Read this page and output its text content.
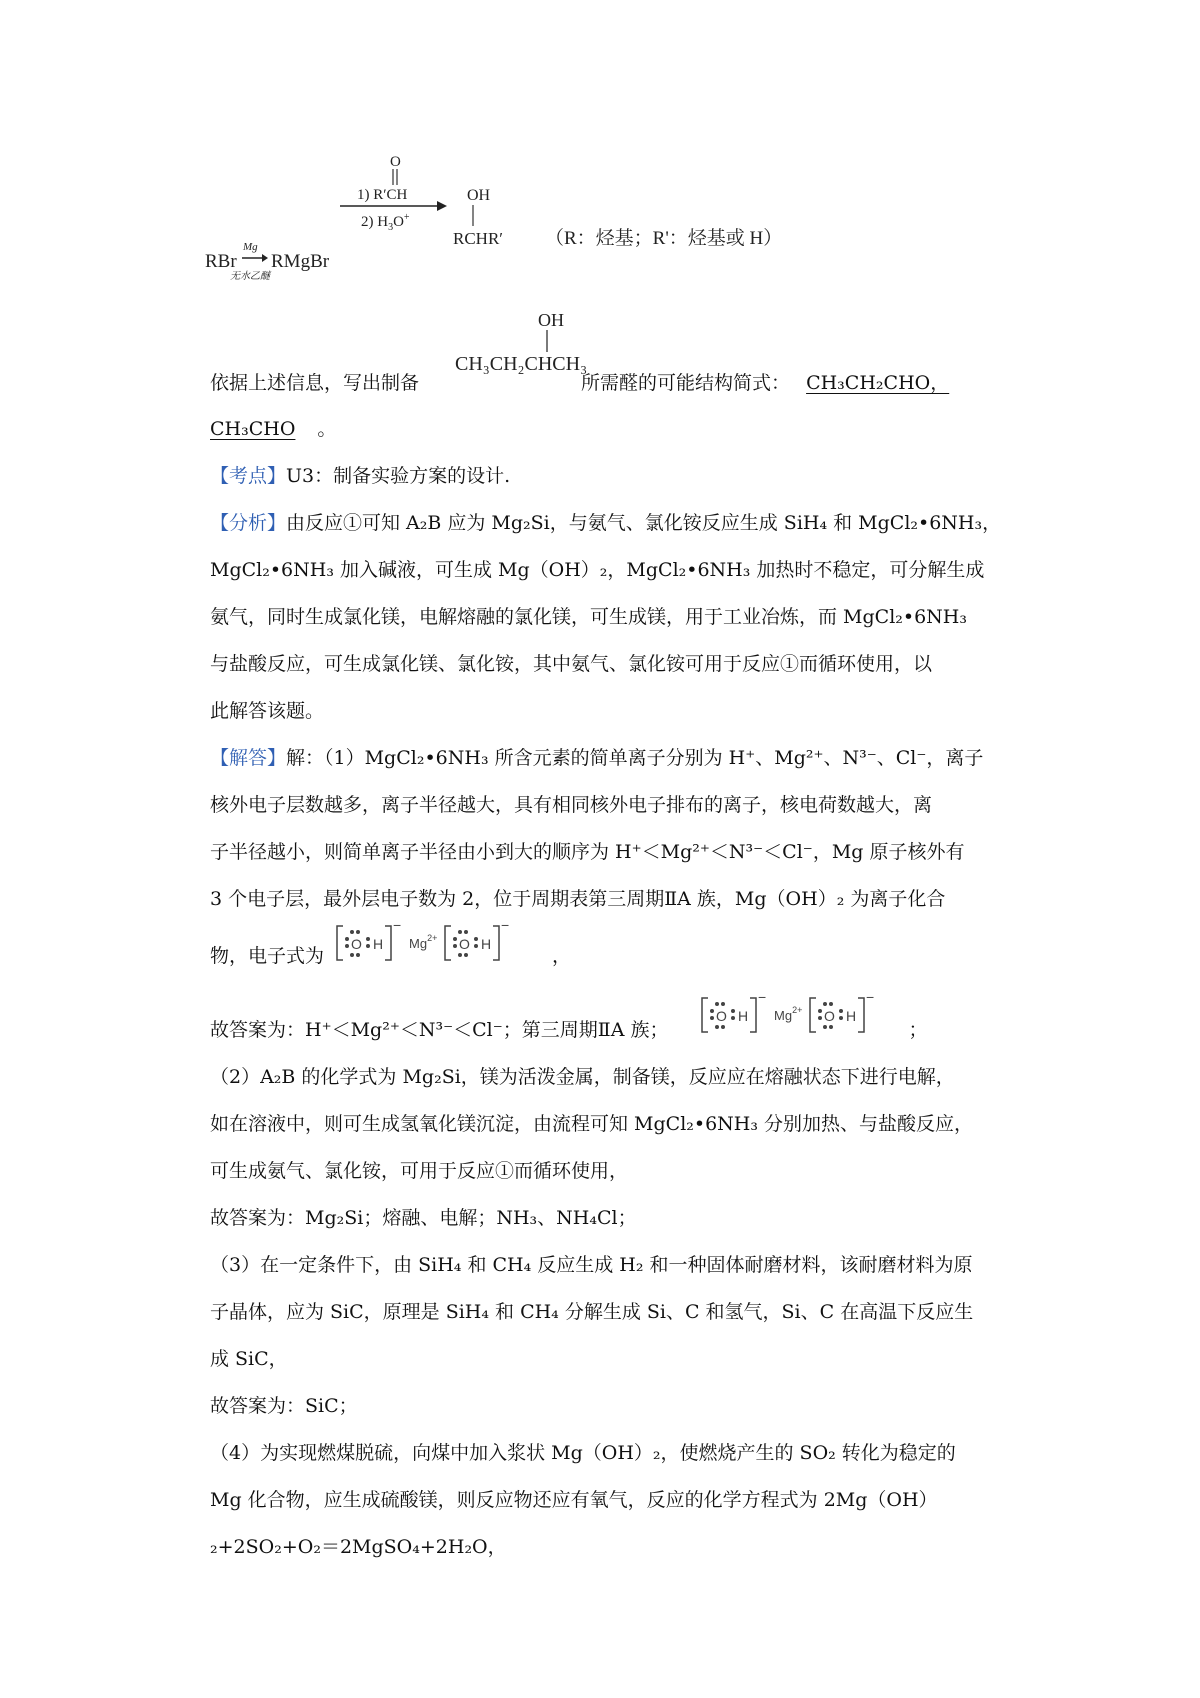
RBr
Mg
无水乙醚
RMgBr
O
1) R′CH
2) $H_3O^+$
OH
RCHR′ （R：烃基；R'：烃基或 H）
OH
CH₃CH₂CHCH₃
依据上述信息，写出制备	所需醛的可能结构简式： CH₃CH₂CHO，
CH₃CHO 。
【考点】U3：制备实验方案的设计.
【分析】由反应①可知 A₂B 应为 Mg₂Si，与氨气、氯化铵反应生成 SiH₄ 和 MgCl₂•6NH₃，
MgCl₂•6NH₃ 加入碱液，可生成 Mg（OH）₂，MgCl₂•6NH₃ 加热时不稳定，可分解生成
氨气，同时生成氯化镁，电解熔融的氯化镁，可生成镁，用于工业冶炼，而 MgCl₂•6NH₃
与盐酸反应，可生成氯化镁、氯化铵，其中氨气、氯化铵可用于反应①而循环使用，以
此解答该题。
【解答】解：（1）MgCl₂•6NH₃ 所含元素的简单离子分别为 H⁺、Mg²⁺、N³⁻、Cl⁻，离子
核外电子层数越多，离子半径越大，具有相同核外电子排布的离子，核电荷数越大，离
子半径越小，则简单离子半径由小到大的顺序为 H⁺＜Mg²⁺＜N³⁻＜Cl⁻，Mg 原子核外有
3 个电子层，最外层电子数为 2，位于周期表第三周期ⅡA 族，Mg（OH）₂ 为离子化合
物，电子式为	，
O H
−
$Mg^{2+}$ O H
−
故答案为：H⁺＜Mg²⁺＜N³⁻＜Cl⁻；第三周期ⅡA 族；	；
O H
−
$Mg^{2+}$ O H
−
（2）A₂B 的化学式为 Mg₂Si，镁为活泼金属，制备镁，反应应在熔融状态下进行电解，
如在溶液中，则可生成氢氧化镁沉淀，由流程可知 MgCl₂•6NH₃ 分别加热、与盐酸反应，
可生成氨气、氯化铵，可用于反应①而循环使用，
故答案为：Mg₂Si；熔融、电解；NH₃、NH₄Cl；
（3）在一定条件下，由 SiH₄ 和 CH₄ 反应生成 H₂ 和一种固体耐磨材料，该耐磨材料为原
子晶体，应为 SiC，原理是 SiH₄ 和 CH₄ 分解生成 Si、C 和氢气，Si、C 在高温下反应生
成 SiC，
故答案为：SiC；
（4）为实现燃煤脱硫，向煤中加入浆状 Mg（OH）₂，使燃烧产生的 SO₂ 转化为稳定的
Mg 化合物，应生成硫酸镁，则反应物还应有氧气，反应的化学方程式为 2Mg（OH）
₂+2SO₂+O₂＝2MgSO₄+2H₂O，
